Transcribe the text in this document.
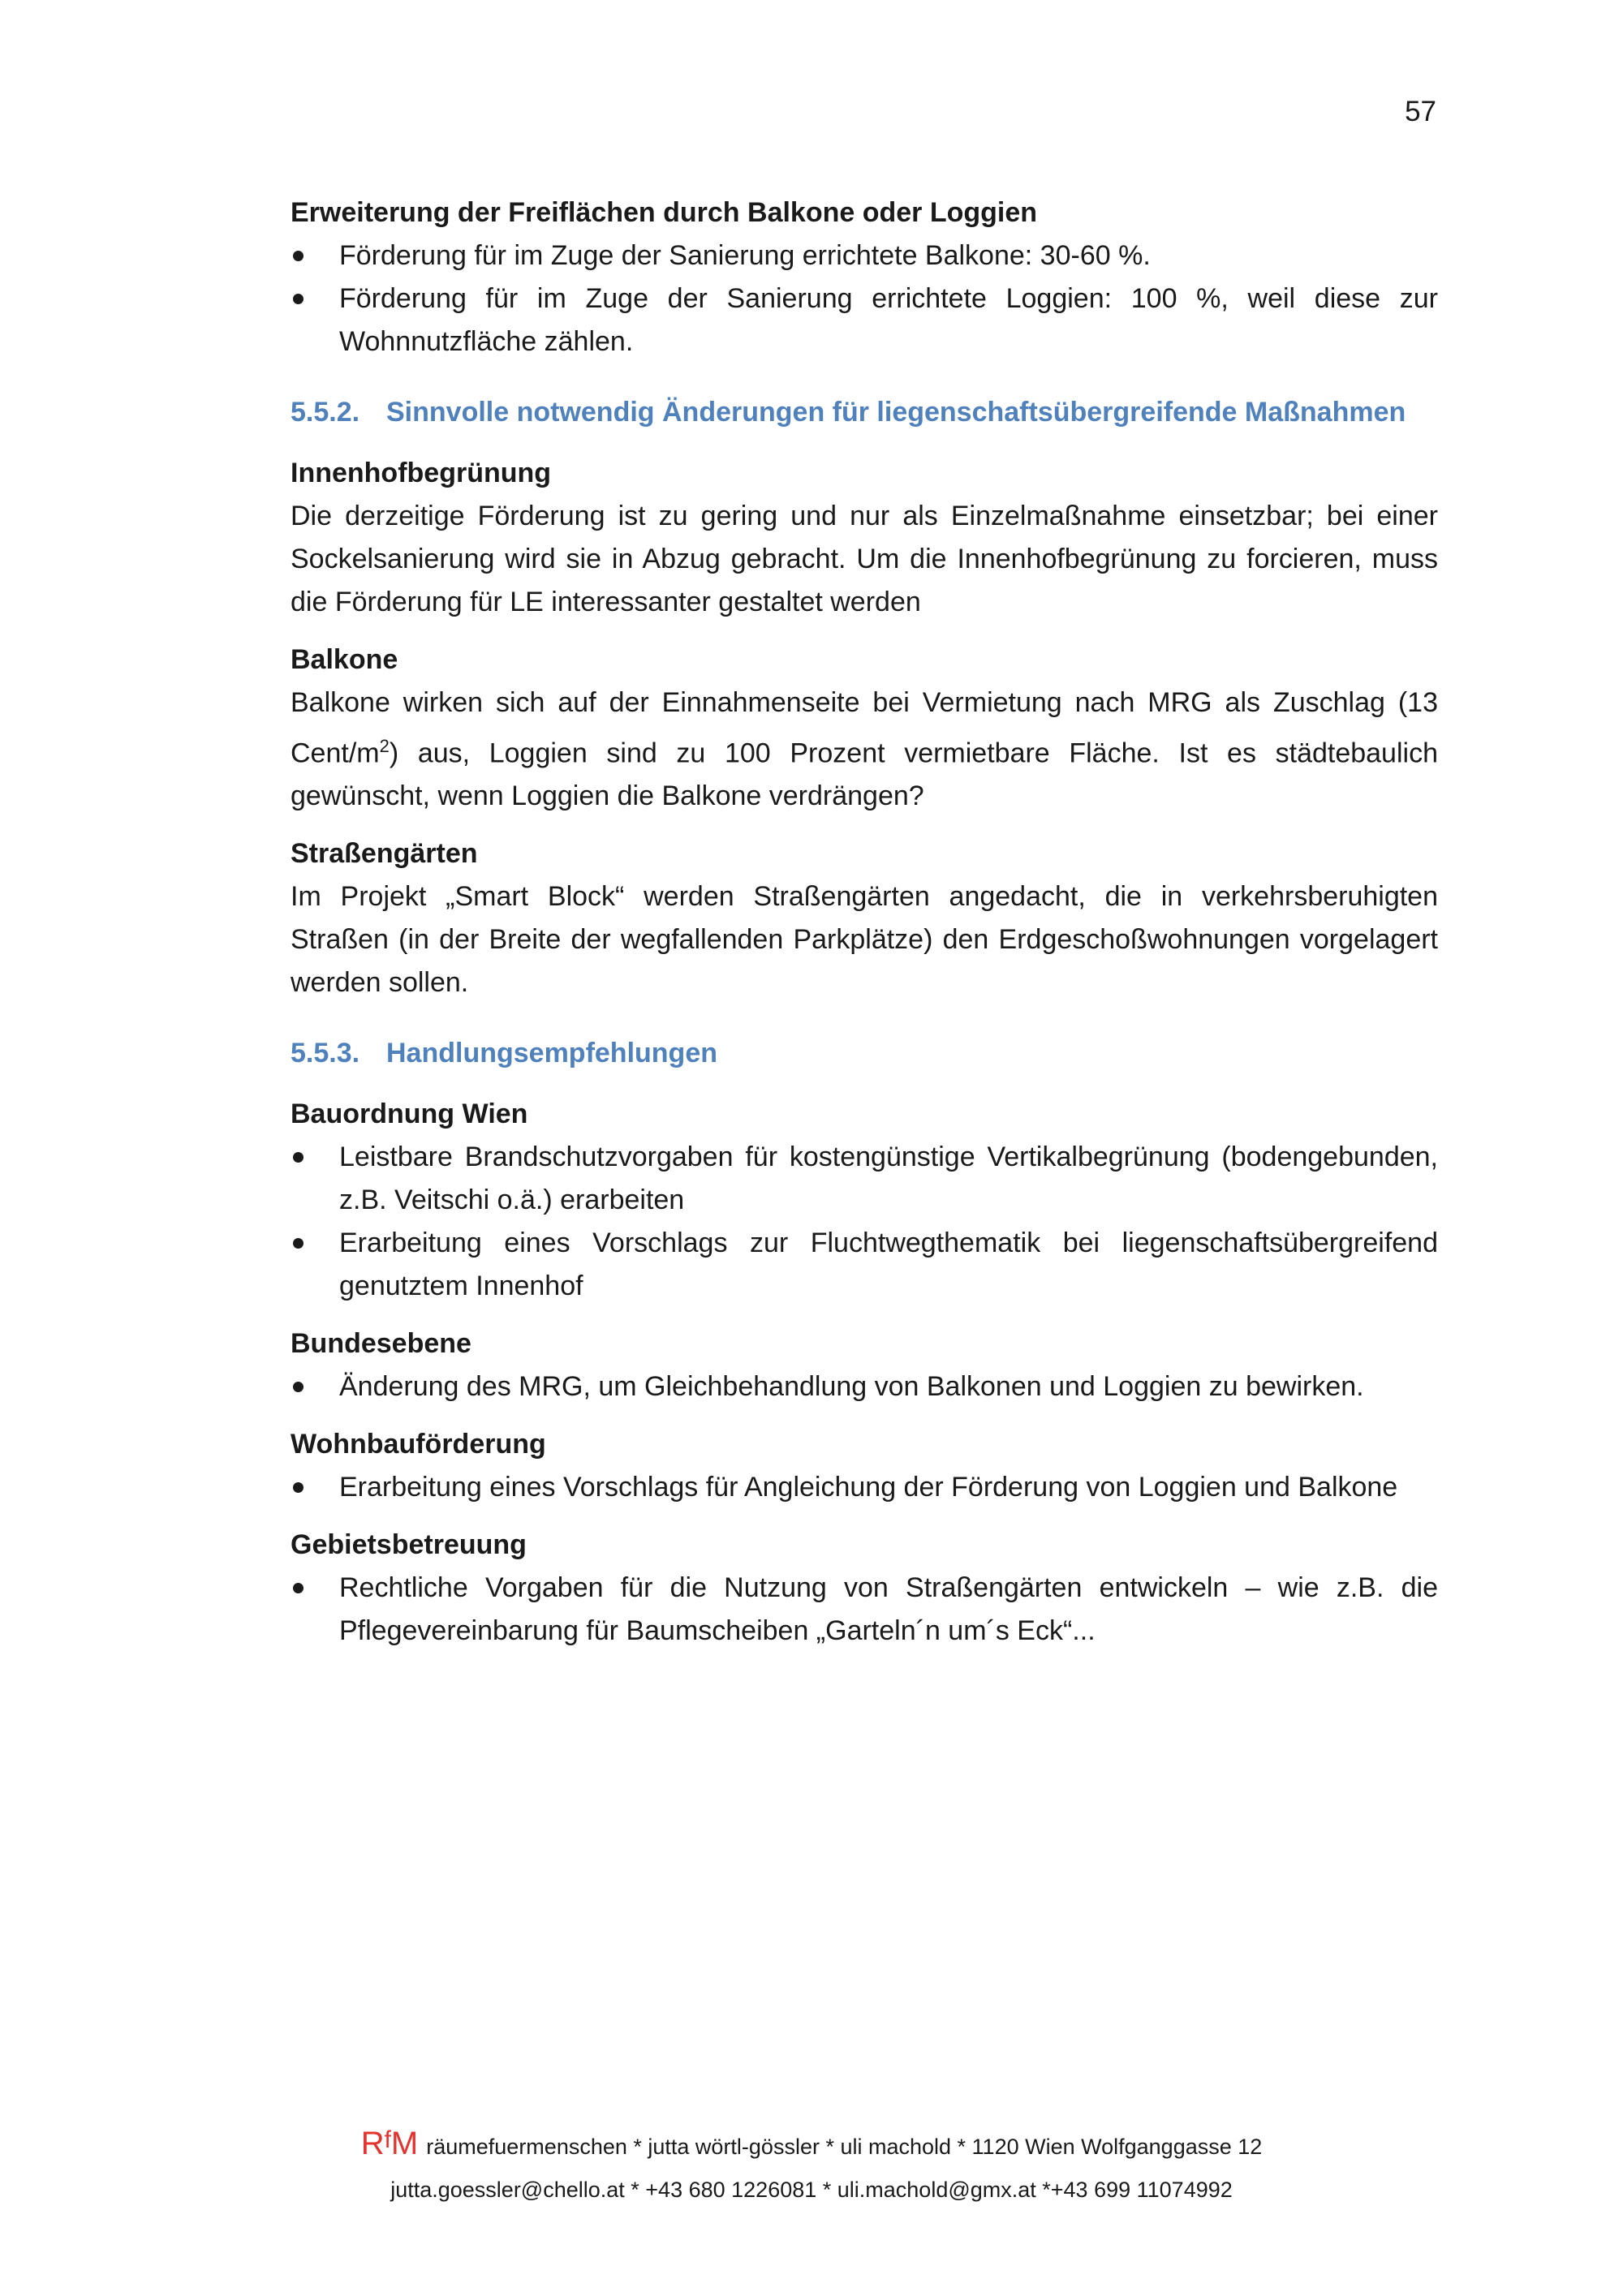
57

Erweiterung der Freiflächen durch Balkone oder Loggien

Förderung für im Zuge der Sanierung errichtete Balkone: 30-60 %.
Förderung für im Zuge der Sanierung errichtete Loggien: 100 %, weil diese zur Wohnnutzfläche zählen.
5.5.2. Sinnvolle notwendig Änderungen für liegenschaftsübergreifende Maßnahmen

Innenhofbegrünung

Die derzeitige Förderung ist zu gering und nur als Einzelmaßnahme einsetzbar; bei einer Sockelsanierung wird sie in Abzug gebracht. Um die Innenhofbegrünung zu forcieren, muss die Förderung für LE interessanter gestaltet werden

Balkone

Balkone wirken sich auf der Einnahmenseite bei Vermietung nach MRG als Zuschlag (13 Cent/$m^2$) aus, Loggien sind zu 100 Prozent vermietbare Fläche. Ist es städtebaulich gewünscht, wenn Loggien die Balkone verdrängen?

Straßengärten

Im Projekt „Smart Block“ werden Straßengärten angedacht, die in verkehrsberuhigten Straßen (in der Breite der wegfallenden Parkplätze) den Erdgeschoßwohnungen vorgelagert werden sollen.

5.5.3. Handlungsempfehlungen

Bauordnung Wien

Leistbare Brandschutzvorgaben für kostengünstige Vertikalbegrünung (bodengebunden, z.B. Veitschi o.ä.) erarbeiten
Erarbeitung eines Vorschlags zur Fluchtwegthematik bei liegenschaftsübergreifend genutztem Innenhof

Bundesebene

Änderung des MRG, um Gleichbehandlung von Balkonen und Loggien zu bewirken.

Wohnbauförderung

Erarbeitung eines Vorschlags für Angleichung der Förderung von Loggien und Balkone

Gebietsbetreuung

Rechtliche Vorgaben für die Nutzung von Straßengärten entwickeln – wie z.B. die Pflegevereinbarung für Baumscheiben „Garteln´n um´s Eck“...
$R^fM$ räumefuermenschen * jutta wörtl-gössler * uli machold * 1120 Wien Wolfganggasse 12
jutta.goessler@chello.at * +43 680 1226081 * uli.machold@gmx.at *+43 699 11074992
